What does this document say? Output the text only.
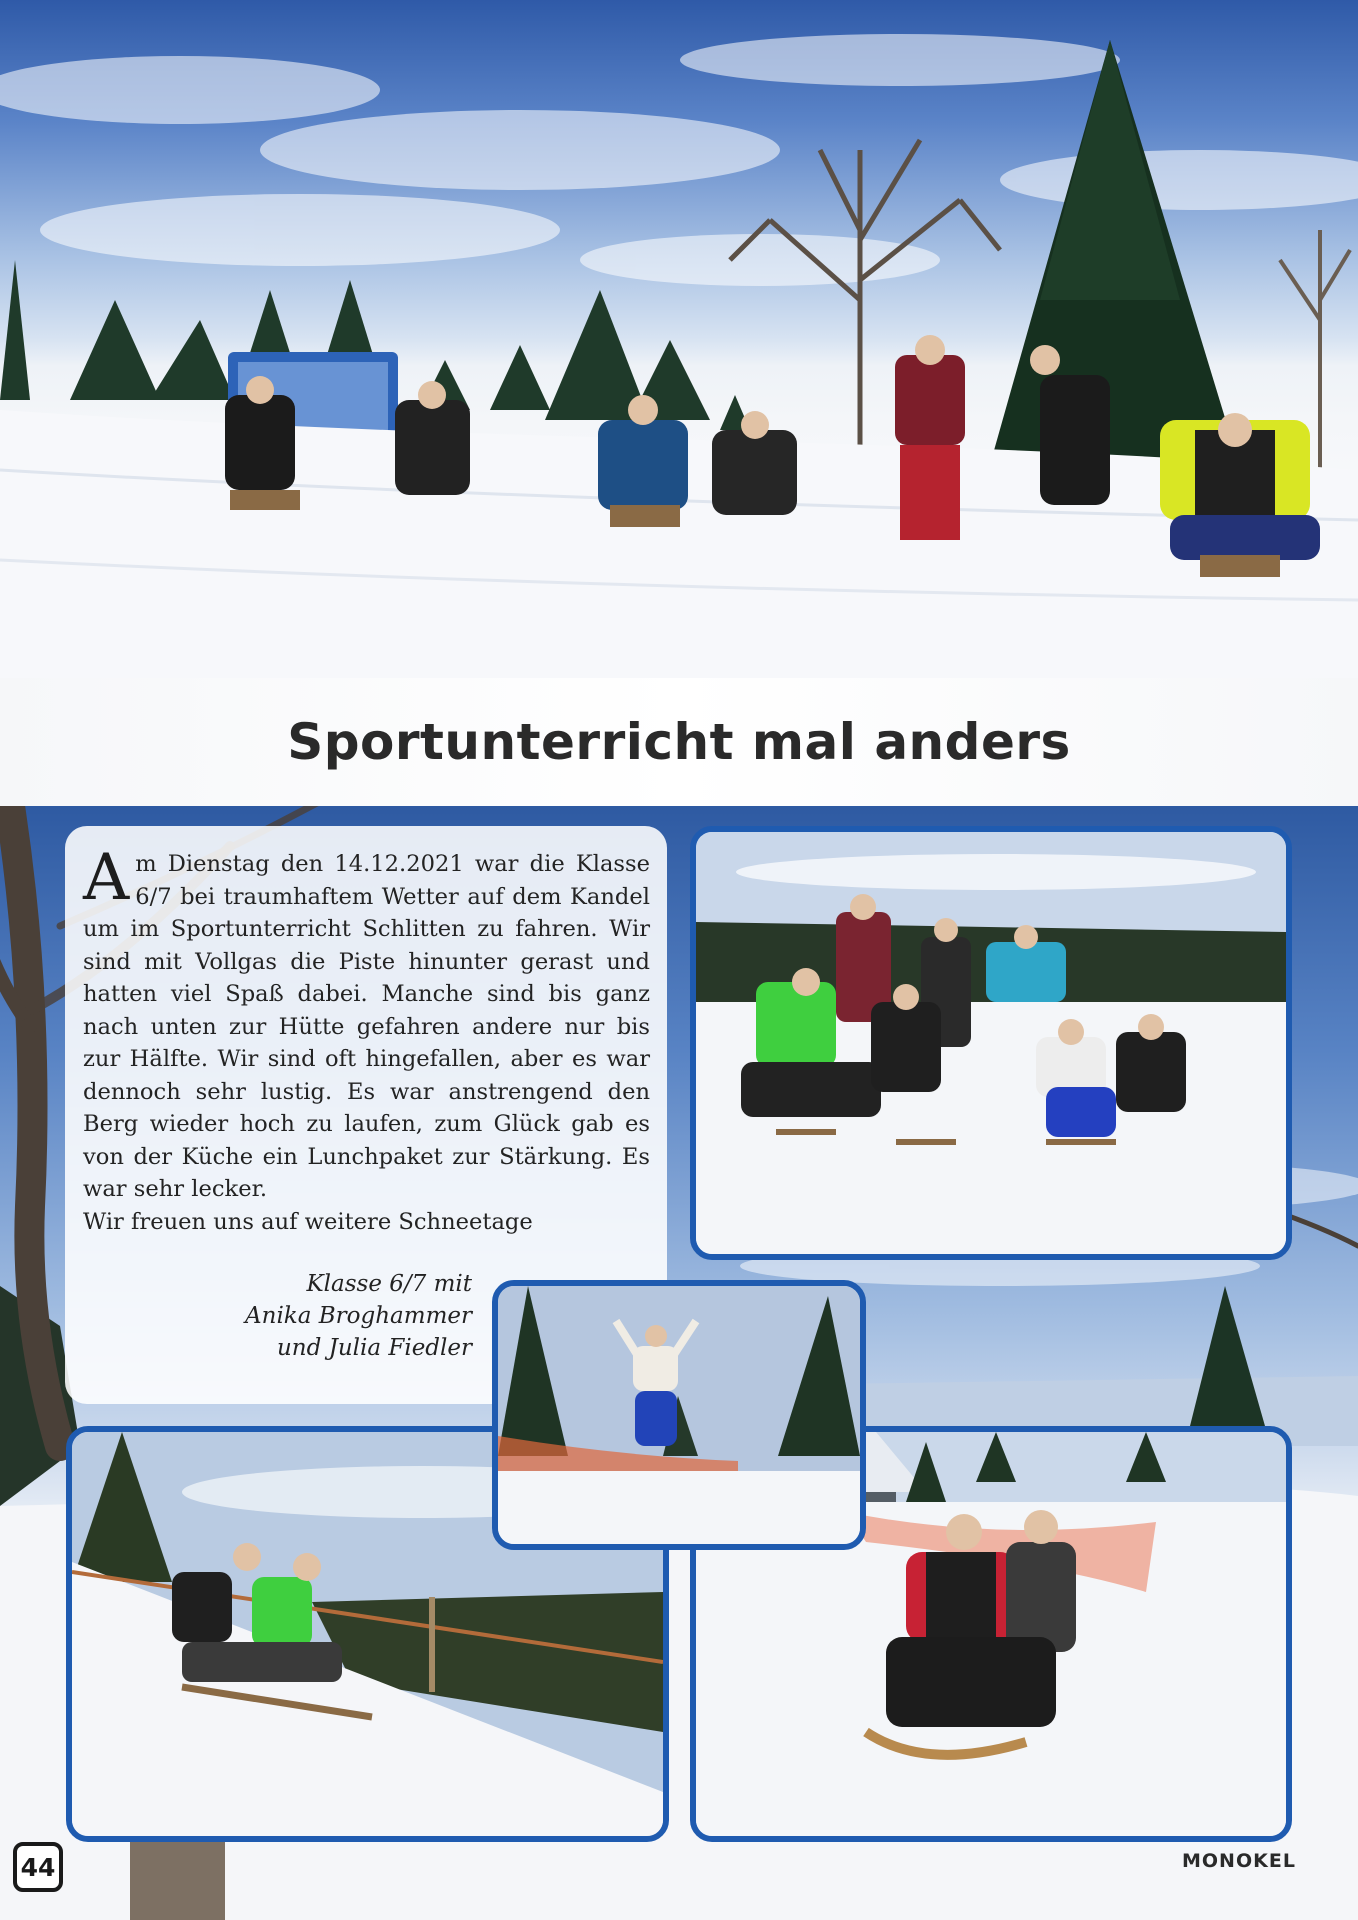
Sportunterricht mal anders

Am Dienstag den 14.12.2021 war die Klasse 6/7 bei traumhaftem Wetter auf dem Kandel um im Sportunterricht Schlitten zu fahren. Wir sind mit Vollgas die Piste hinunter gerast und hatten viel Spaß dabei. Manche sind bis ganz nach unten zur Hütte gefahren andere nur bis zur Hälfte. Wir sind oft hingefallen, aber es war dennoch sehr lustig. Es war anstrengend den Berg wieder hoch zu laufen, zum Glück gab es von der Küche ein Lunchpaket zur Stärkung. Es war sehr lecker.

Wir freuen uns auf weitere Schneetage

Klasse 6/7 mit
Anika Broghammer
und Julia Fiedler
44	MONOKEL
